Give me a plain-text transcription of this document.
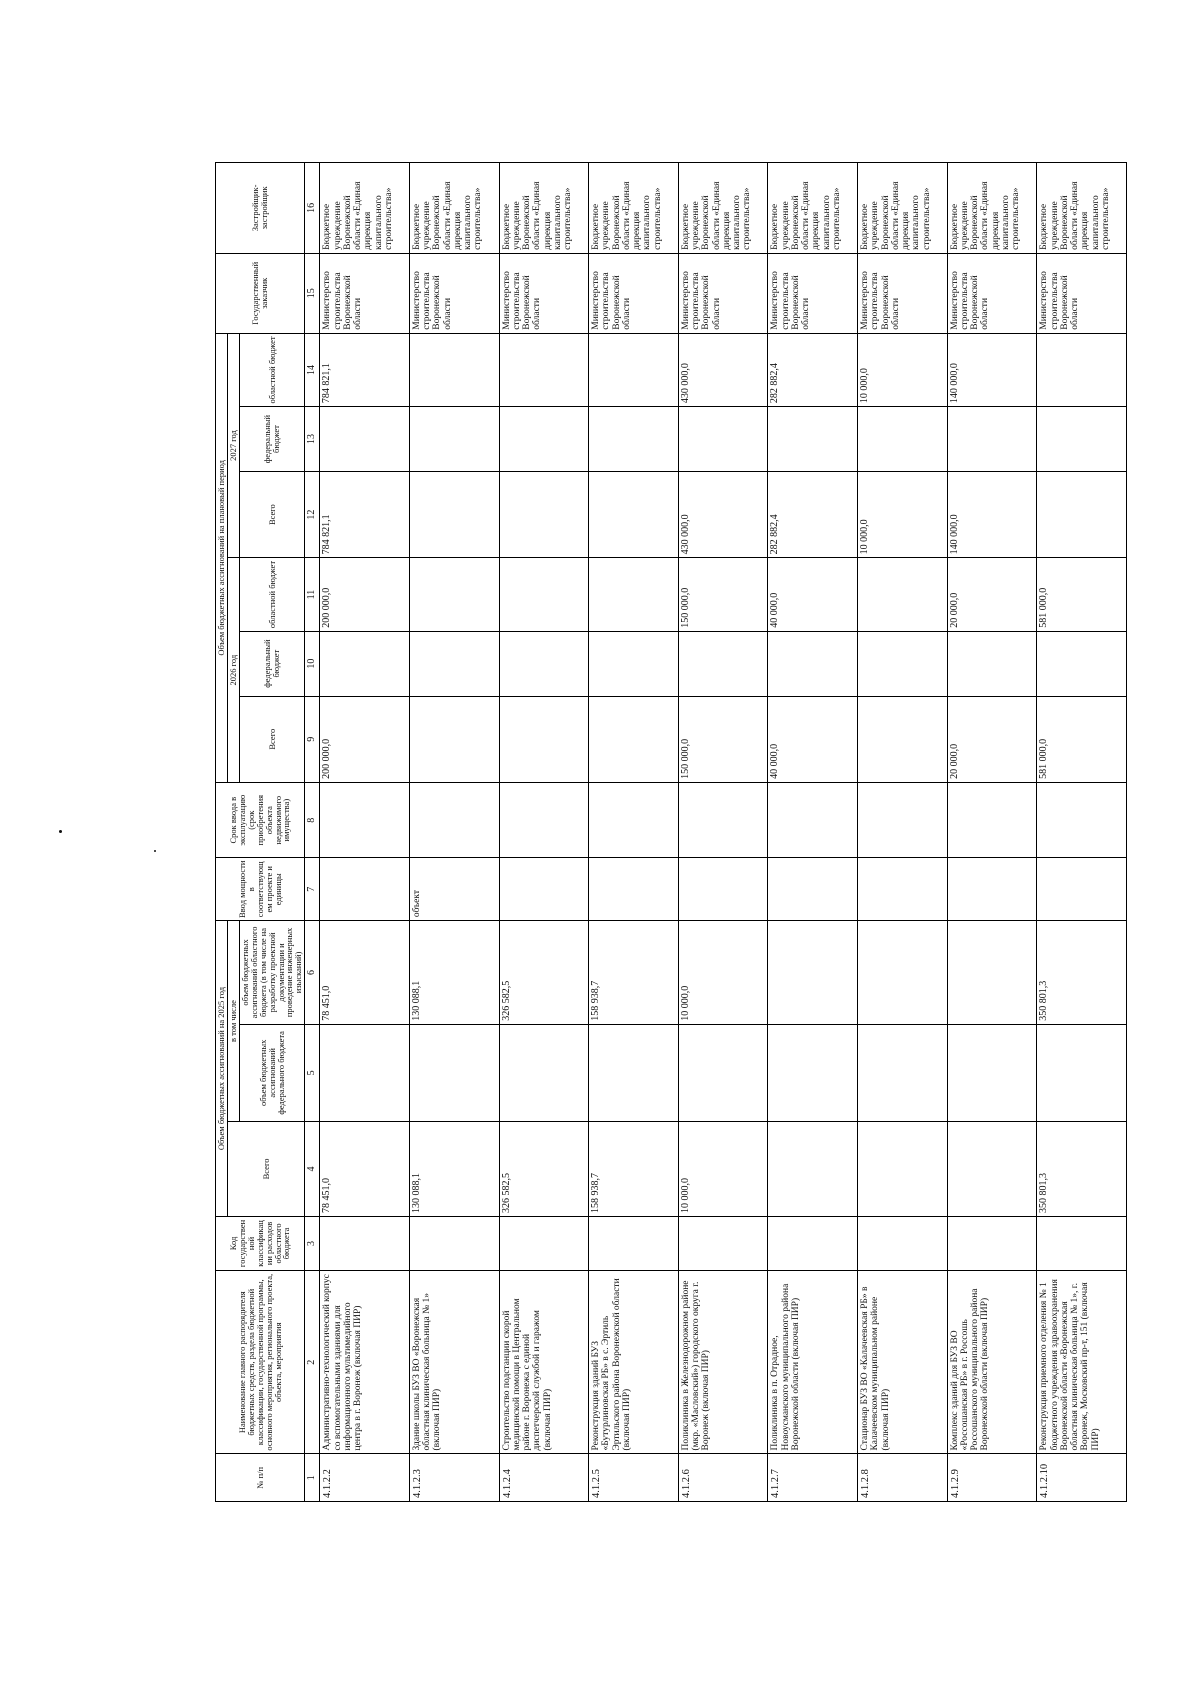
№ п/п	Наименование главного распорядителя бюджетных средств, раздела бюджетной классификации, государственной программы, основного мероприятия, регионального проекта, объекта, мероприятия	Код государственной классификации расходов областного бюджета	Объем бюджетных ассигнований на 2025 год			Ввод мощности в соответствующем проекте и единицы	Срок ввода в эксплуатацию (срок приобретения объекта недвижимого имущества)	Объем бюджетных ассигнований на плановый период						Государственный заказчик	Застройщик-застройщик
			Всего	в том числе				2026 год			2027 год				
				объем бюджетных ассигнований федерального бюджета	объем бюджетных ассигнований областного бюджета (в том числе на разработку проектной документации и проведение инженерных изысканий)			Всего	федеральный бюджет	областной бюджет	Всего	федеральный бюджет	областной бюджет		
1	2	3	4	5	6	7	8	9	10	11	12	13	14	15	16
4.1.2.2	Административно-технологический корпус со вспомогательными зданиями для информационного мультимедийного центра в г. Воронеж (включая ПИР)		78 451,0		78 451,0			200 000,0		200 000,0	784 821,1		784 821,1	Министерство строительства Воронежской области	Бюджетное учреждение Воронежской области «Единая дирекция капитального строительства»
4.1.2.3	Здание школы БУЗ ВО «Воронежская областная клиническая больница № 1» (включая ПИР)		130 088,1		130 088,1	объект								Министерство строительства Воронежской области	Бюджетное учреждение Воронежской области «Единая дирекция капитального строительства»
4.1.2.4	Строительство подстанции скорой медицинской помощи в Центральном районе г. Воронежа с единой диспетчерской службой и гаражом (включая ПИР)		326 582,5		326 582,5									Министерство строительства Воронежской области	Бюджетное учреждение Воронежской области «Единая дирекция капитального строительства»
4.1.2.5	Реконструкция зданий БУЗ «Бутурлиновская РБ» в с. Эртиль Эртильского района Воронежской области (включая ПИР)		158 938,7		158 938,7									Министерство строительства Воронежской области	Бюджетное учреждение Воронежской области «Единая дирекция капитального строительства»
4.1.2.6	Поликлиника в Железнодорожном районе (мкр. «Масловский») городского округа г. Воронеж (включая ПИР)		10 000,0		10 000,0			150 000,0		150 000,0	430 000,0		430 000,0	Министерство строительства Воронежской области	Бюджетное учреждение Воронежской области «Единая дирекция капитального строительства»
4.1.2.7	Поликлиника в п. Отрадное, Новоусманского муниципального района Воронежской области (включая ПИР)							40 000,0		40 000,0	282 882,4		282 882,4	Министерство строительства Воронежской области	Бюджетное учреждение Воронежской области «Единая дирекция капитального строительства»
4.1.2.8	Стационар БУЗ ВО «Калачеевская РБ» в Калачеевском муниципальном районе (включая ПИР)										10 000,0		10 000,0	Министерство строительства Воронежской области	Бюджетное учреждение Воронежской области «Единая дирекция капитального строительства»
4.1.2.9	Комплекс зданий для БУЗ ВО «Россошанская РБ» в г. Россошь Россошанского муниципального района Воронежской области (включая ПИР)							20 000,0		20 000,0	140 000,0		140 000,0	Министерство строительства Воронежской области	Бюджетное учреждение Воронежской области «Единая дирекция капитального строительства»
4.1.2.10	Реконструкция приемного отделения № 1 бюджетного учреждения здравоохранения Воронежской области «Воронежская областная клиническая больница № 1», г. Воронеж, Московский пр-т, 151 (включая ПИР)		350 801,3		350 801,3			581 000,0		581 000,0				Министерство строительства Воронежской области	Бюджетное учреждение Воронежской области «Единая дирекция капитального строительства»
